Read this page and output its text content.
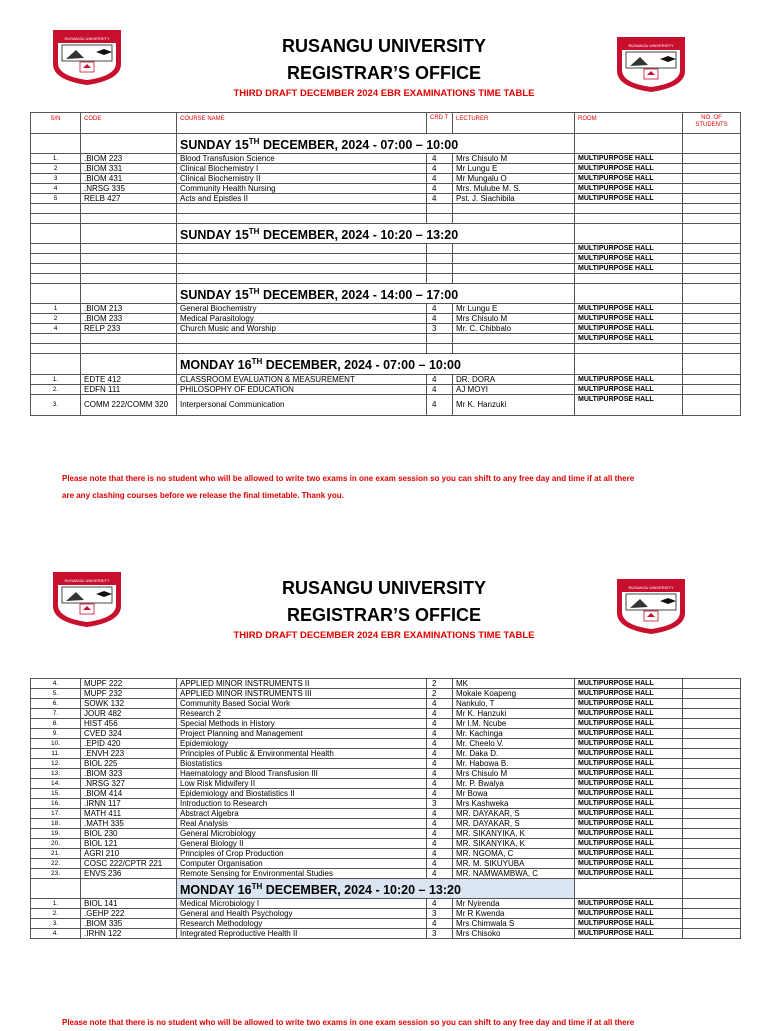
RUSANGU UNIVERSITY
REGISTRAR’S OFFICE
THIRD DRAFT DECEMBER 2024 EBR EXAMINATIONS TIME TABLE
S/N	CODE	COURSE NAME	CRD T	LECTURER	ROOM	NO. OF STUDENTS
		SUNDAY 15TH DECEMBER, 2024 - 07:00 – 10:00				
1.	.BIOM 223	Blood Transfusion Science	4	Mrs Chisulo M	MULTIPURPOSE HALL	
2	.BIOM 331	Clinical Biochemistry I	4	Mr Lungu E	MULTIPURPOSE HALL	
3	.BIOM 431	Clinical Biochemistry II	4	Mr Mungalu O	MULTIPURPOSE HALL	
4	.NRSG 335	Community Health Nursing	4	Mrs. Mulube M. S.	MULTIPURPOSE HALL	
5	RELB 427	Acts and Epistles II	4	Pst. J. Siachibila	MULTIPURPOSE HALL	

		SUNDAY 15TH DECEMBER, 2024 - 10:20 – 13:20				
					MULTIPURPOSE HALL	
					MULTIPURPOSE HALL	
					MULTIPURPOSE HALL	

		SUNDAY 15TH DECEMBER, 2024 - 14:00 – 17:00				
1	.BIOM 213	General Biochemistry	4	Mr Lungu E	MULTIPURPOSE HALL	
2	.BIOM 233	Medical Parasitology	4	Mrs Chisulo M	MULTIPURPOSE HALL	
4	RELP 233	Church Music and Worship	3	Mr. C. Chibbalo	MULTIPURPOSE HALL	
					MULTIPURPOSE HALL	

		MONDAY 16TH DECEMBER, 2024 - 07:00 – 10:00				
1.	EDTE 412	CLASSROOM EVALUATION & MEASUREMENT	4	DR. DORA	MULTIPURPOSE HALL	
2.	EDFN 111	PHILOSOPHY OF EDUCATION	4	AJ MOYI	MULTIPURPOSE HALL	
3.	COMM 222/COMM 320	Interpersonal Communication	4	Mr K. Hanzuki	MULTIPURPOSE HALL	
Please note that there is no student who will be allowed to write two exams in one exam session so you can shift to any free day and time if at all there
are any clashing courses before we release the final timetable. Thank you.
RUSANGU UNIVERSITY
REGISTRAR’S OFFICE
THIRD DRAFT DECEMBER 2024 EBR EXAMINATIONS TIME TABLE
4.	MUPF 222	APPLIED MINOR INSTRUMENTS II	2	MK	MULTIPURPOSE HALL	
5.	MUPF 232	APPLIED MINOR INSTRUMENTS III	2	Mokale Koapeng	MULTIPURPOSE HALL	
6.	SOWK 132	Community Based Social Work	4	Nankulo, T	MULTIPURPOSE HALL	
7.	JOUR 482	Research 2	4	Mr K. Hanzuki	MULTIPURPOSE HALL	
8.	HIST 456	Special Methods in History	4	Mr I.M. Ncube	MULTIPURPOSE HALL	
9.	CVED 324	Project Planning and Management	4	Mr. Kachinga	MULTIPURPOSE HALL	
10.	.EPID 420	Epidemiology	4	Mr. Cheelo V.	MULTIPURPOSE HALL	
11.	.ENVH 223	Principles of Public & Environmental Health	4	Mr. Daka D.	MULTIPURPOSE HALL	
12.	BIOL 225	Biostatistics	4	Mr. Habowa B.	MULTIPURPOSE HALL	
13.	.BIOM 323	Haematology and Blood Transfusion III	4	Mrs Chisulo M	MULTIPURPOSE HALL	
14.	.NRSG 327	Low Risk Midwifery II	4	Mr. P. Bwalya	MULTIPURPOSE HALL	
15.	.BIOM 414	Epidemiology and Biostatistics II	4	Mr Bowa	MULTIPURPOSE HALL	
16.	.IRNN 117	Introduction to Research	3	Mrs Kashweka	MULTIPURPOSE HALL	
17.	MATH 411	Abstract Algebra	4	MR. DAYAKAR, S	MULTIPURPOSE HALL	
18.	.MATH 335	Real Analysis	4	MR. DAYAKAR, S	MULTIPURPOSE HALL	
19.	BIOL 230	General Microbiology	4	MR. SIKANYIKA, K	MULTIPURPOSE HALL	
20.	BIOL 121	General Biology II	4	MR. SIKANYIKA, K	MULTIPURPOSE HALL	
21.	AGRI 210	Principles of Crop Production	4	MR. NGOMA, C	MULTIPURPOSE HALL	
22.	COSC 222/CPTR 221	Computer Organisation	4	MR. M. SIKUYUBA	MULTIPURPOSE HALL	
23.	ENVS 236	Remote Sensing for Environmental Studies	4	MR. NAMWAMBWA, C	MULTIPURPOSE HALL	
		MONDAY 16TH DECEMBER, 2024 - 10:20 – 13:20				
1.	BIOL 141	Medical Microbiology I	4	Mr Nyirenda	MULTIPURPOSE HALL	
2.	.GEHP 222	General and Health Psychology	3	Mr R Kwenda	MULTIPURPOSE HALL	
3.	.BIOM 335	Research Methodology	4	Mrs Chimwala S	MULTIPURPOSE HALL	
4.	.IRHN 122	Integrated Reproductive Health II	3	Mrs Chisoko	MULTIPURPOSE HALL	
Please note that there is no student who will be allowed to write two exams in one exam session so you can shift to any free day and time if at all there
